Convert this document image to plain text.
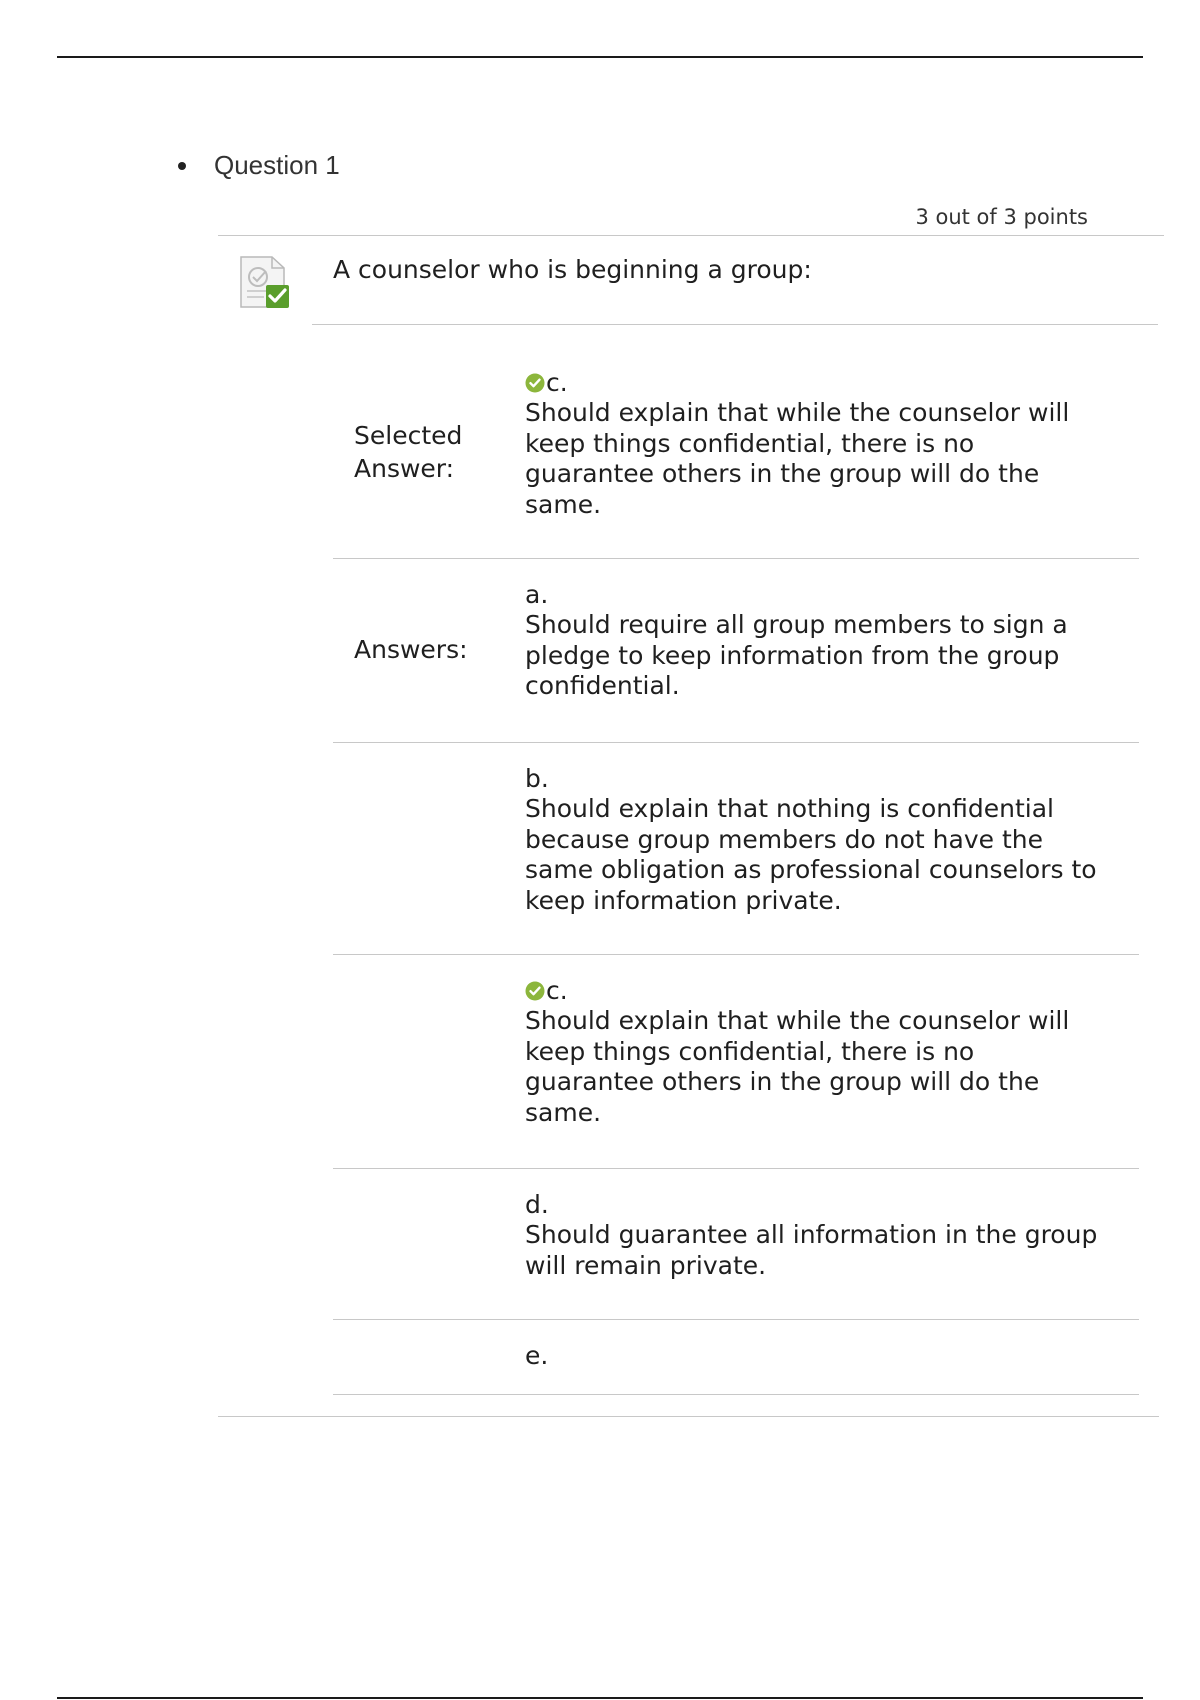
Question 1
3 out of 3 points
A counselor who is beginning a group:
Selected
Answer:
c.
Should explain that while the counselor will keep things confidential, there is no guarantee others in the group will do the same.
Answers:
a.
Should require all group members to sign a pledge to keep information from the group confidential.
b.
Should explain that nothing is confidential because group members do not have the same obligation as professional counselors to keep information private.
c.
Should explain that while the counselor will keep things confidential, there is no guarantee others in the group will do the same.
d.
Should guarantee all information in the group will remain private.
e.
